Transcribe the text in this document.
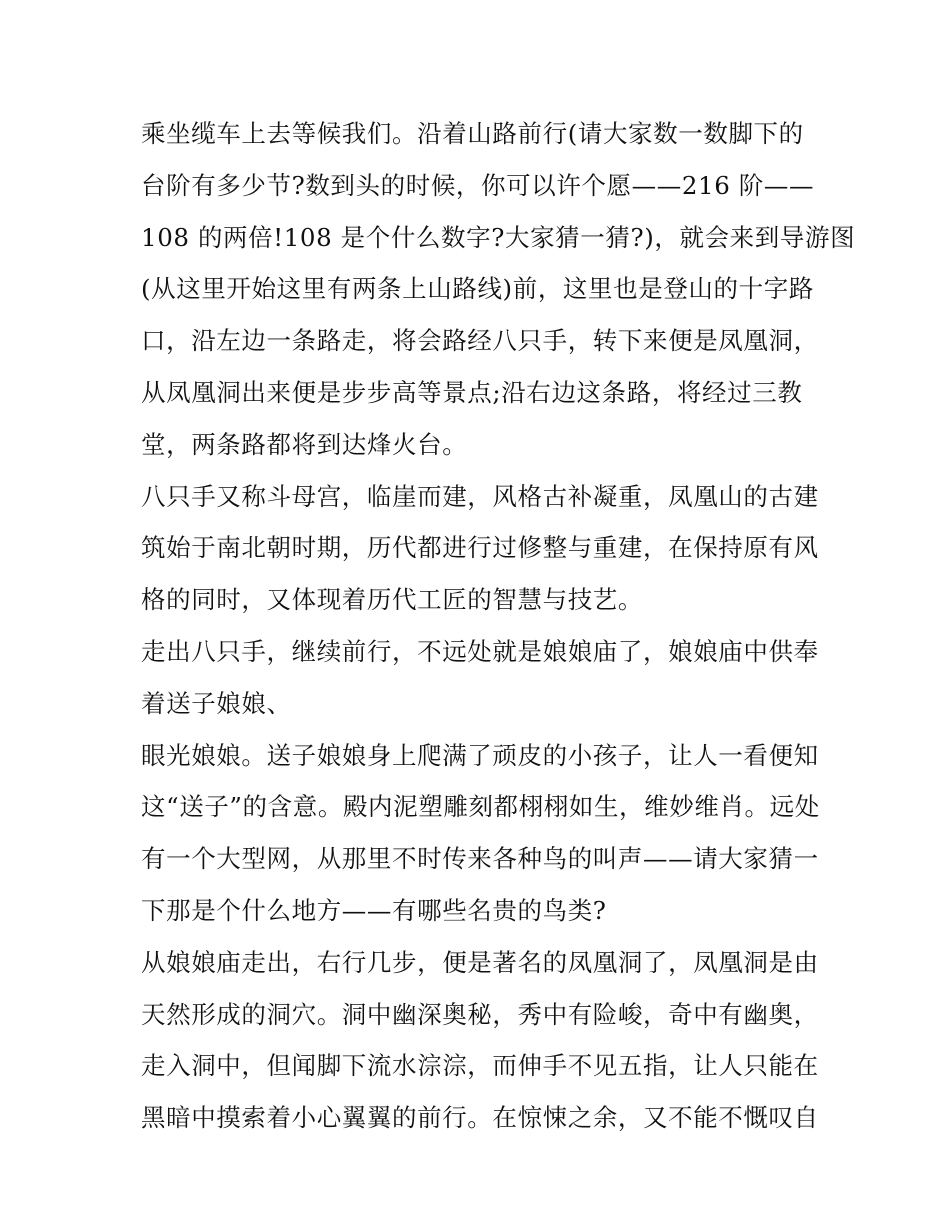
乘坐缆车上去等候我们。沿着山路前行(请大家数一数脚下的
台阶有多少节?数到头的时候，你可以许个愿——216 阶——
108 的两倍!108 是个什么数字?大家猜一猜?)，就会来到导游图
(从这里开始这里有两条上山路线)前，这里也是登山的十字路
口，沿左边一条路走，将会路经八只手，转下来便是凤凰洞，
从凤凰洞出来便是步步高等景点;沿右边这条路，将经过三教
堂，两条路都将到达烽火台。
八只手又称斗母宫，临崖而建，风格古补凝重，凤凰山的古建
筑始于南北朝时期，历代都进行过修整与重建，在保持原有风
格的同时，又体现着历代工匠的智慧与技艺。
走出八只手，继续前行，不远处就是娘娘庙了，娘娘庙中供奉
着送子娘娘、
眼光娘娘。送子娘娘身上爬满了顽皮的小孩子，让人一看便知
这“送子”的含意。殿内泥塑雕刻都栩栩如生，维妙维肖。远处
有一个大型网，从那里不时传来各种鸟的叫声——请大家猜一
下那是个什么地方——有哪些名贵的鸟类?
从娘娘庙走出，右行几步，便是著名的凤凰洞了，凤凰洞是由
天然形成的洞穴。洞中幽深奥秘，秀中有险峻，奇中有幽奥，
走入洞中，但闻脚下流水淙淙，而伸手不见五指，让人只能在
黑暗中摸索着小心翼翼的前行。在惊悚之余，又不能不慨叹自
